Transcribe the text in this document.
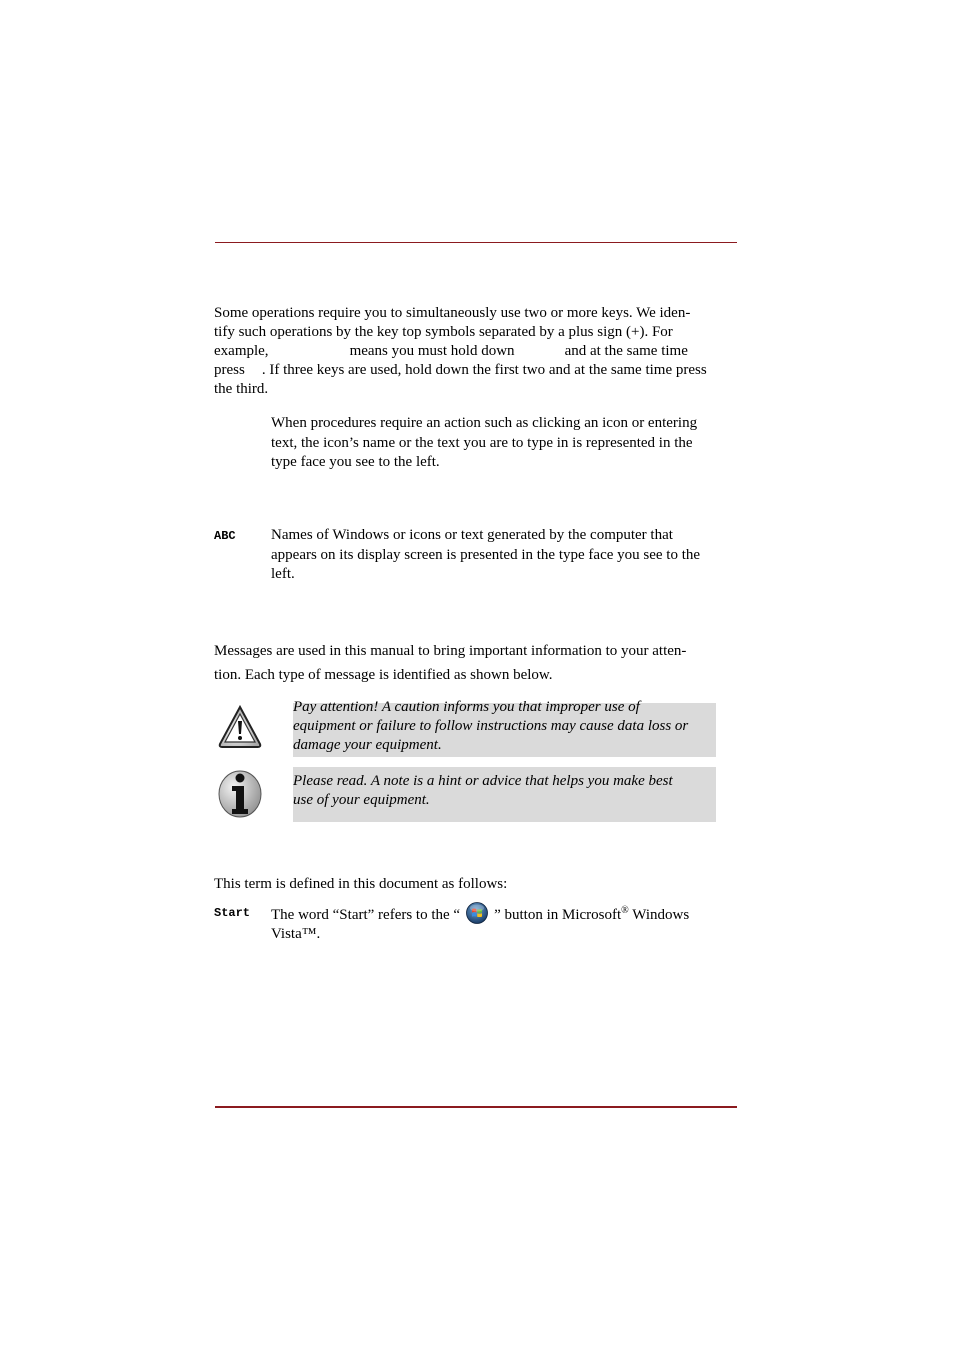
Some operations require you to simultaneously use two or more keys. We iden-
tify such operations by the key top symbols separated by a plus sign (+). For
example,	means you must hold down	and at the same time
press . If three keys are used, hold down the first two and at the same time press
the third.

When procedures require an action such as clicking an icon or entering
text, the icon’s name or the text you are to type in is represented in the
type face you see to the left.

ABC Names of Windows or icons or text generated by the computer that
appears on its display screen is presented in the type face you see to the
left.

Messages are used in this manual to bring important information to your atten-
tion. Each type of message is identified as shown below.

Pay attention! A caution informs you that improper use of
equipment or failure to follow instructions may cause data loss or
damage your equipment.

Please read. A note is a hint or advice that helps you make best
use of your equipment.

This term is defined in this document as follows:

Start The word “Start” refers to the “ ” button in Microsoft® Windows
Vista™.
